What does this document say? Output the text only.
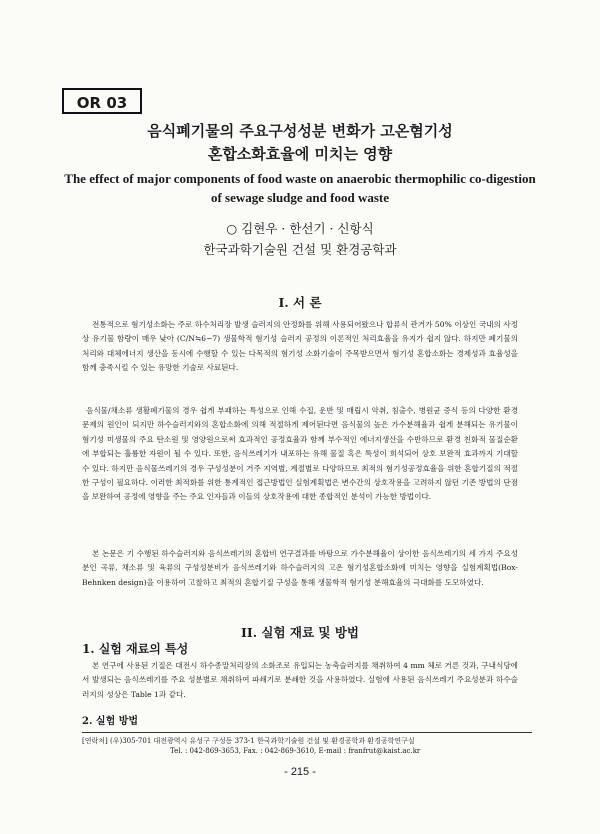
OR 03
음식폐기물의 주요구성성분 변화가 고온혐기성
혼합소화효율에 미치는 영향
The effect of major components of food waste on anaerobic thermophilic co-digestion
of sewage sludge and food waste
○ 김현우 · 한선기 · 신항식
한국과학기술원 건설 및 환경공학과
I. 서 론

전통적으로 혐기성소화는 주로 하수처리장 발생 슬러지의 안정화를 위해 사용되어왔으나 합류식 관거가 50% 이상인 국내의 사정상 유기물 함량이 매우 낮아 (C/N≒6~7) 생물학적 혐기성 슬러지 공정의 이론적인 처리효율을 유지가 쉽지 않다. 하지만 폐기물의 처리와 대체에너지 생산을 동시에 수행할 수 있는 다목적의 혐기성 소화기술이 주목받으면서 혐기성 혼합소화는 경제성과 효율성을 함께 충족시킬 수 있는 유망한 기술로 사료된다.

음식물/채소류 생활폐기물의 경우 쉽게 부패하는 특성으로 인해 수집, 운반 및 매립시 악취, 침출수, 병원균 증식 등의 다양한 환경문제의 원인이 되지만 하수슬러지와의 혼합소화에 의해 적절하게 제어된다면 음식물의 높은 가수분해율과 쉽게 분해되는 유기물이 혐기성 미생물의 주요 탄소원 및 영양원으로써 효과적인 공정효율과 함께 부수적인 에너지생산을 수반하므로 환경 친화적 물질순환에 부합되는 훌륭한 자원이 될 수 있다. 또한, 음식쓰레기가 내포하는 유해 물질 혹은 특성이 희석되어 상호 보완적 효과까지 기대할 수 있다. 하지만 음식물쓰레기의 경우 구성성분이 거주 지역별, 계절별로 다양하므로 최적의 혐기성공정효율을 위한 혼합기질의 적절한 구성이 필요하다. 이러한 최적화를 위한 통계적인 접근방법인 실험계획법은 변수간의 상호작용을 고려하지 않던 기존 방법의 단점을 보완하여 공정에 영향을 주는 주요 인자들과 이들의 상호작용에 대한 종합적인 분석이 가능한 방법이다.

본 논문은 기 수행된 하수슬러지와 음식쓰레기의 혼합비 연구결과를 바탕으로 가수분해율이 상이한 음식쓰레기의 세 가지 주요성분인 곡류, 채소류 및 육류의 구성성분비가 음식쓰레기와 하수슬러지의 고온 혐기성혼합소화에 미치는 영향을 실험계획법(Box-Behnken design)을 이용하여 고찰하고 최적의 혼합기질 구성을 통해 생물학적 혐기성 분해효율의 극대화를 도모하였다.

II. 실험 재료 및 방법
1. 실험 재료의 특성

본 연구에 사용된 기질은 대전시 하수종말처리장의 소화조로 유입되는 농축슬러지를 채취하여 4 mm 체로 거른 것과, 구내식당에서 발생되는 음식쓰레기를 주요 성분별로 채취하여 파쇄기로 분쇄한 것을 사용하였다. 실험에 사용된 음식쓰레기 주요성분과 하수슬러지의 성상은 Table 1과 같다.

2. 실험 방법
[연락처] (우)305-701 대전광역시 유성구 구성동 373-1 한국과학기술원 건설 및 환경공학과 환경공학연구실
Tel. : 042-869-3653, Fax. : 042-869-3610, E-mail : franfrut@kaist.ac.kr
- 215 -
